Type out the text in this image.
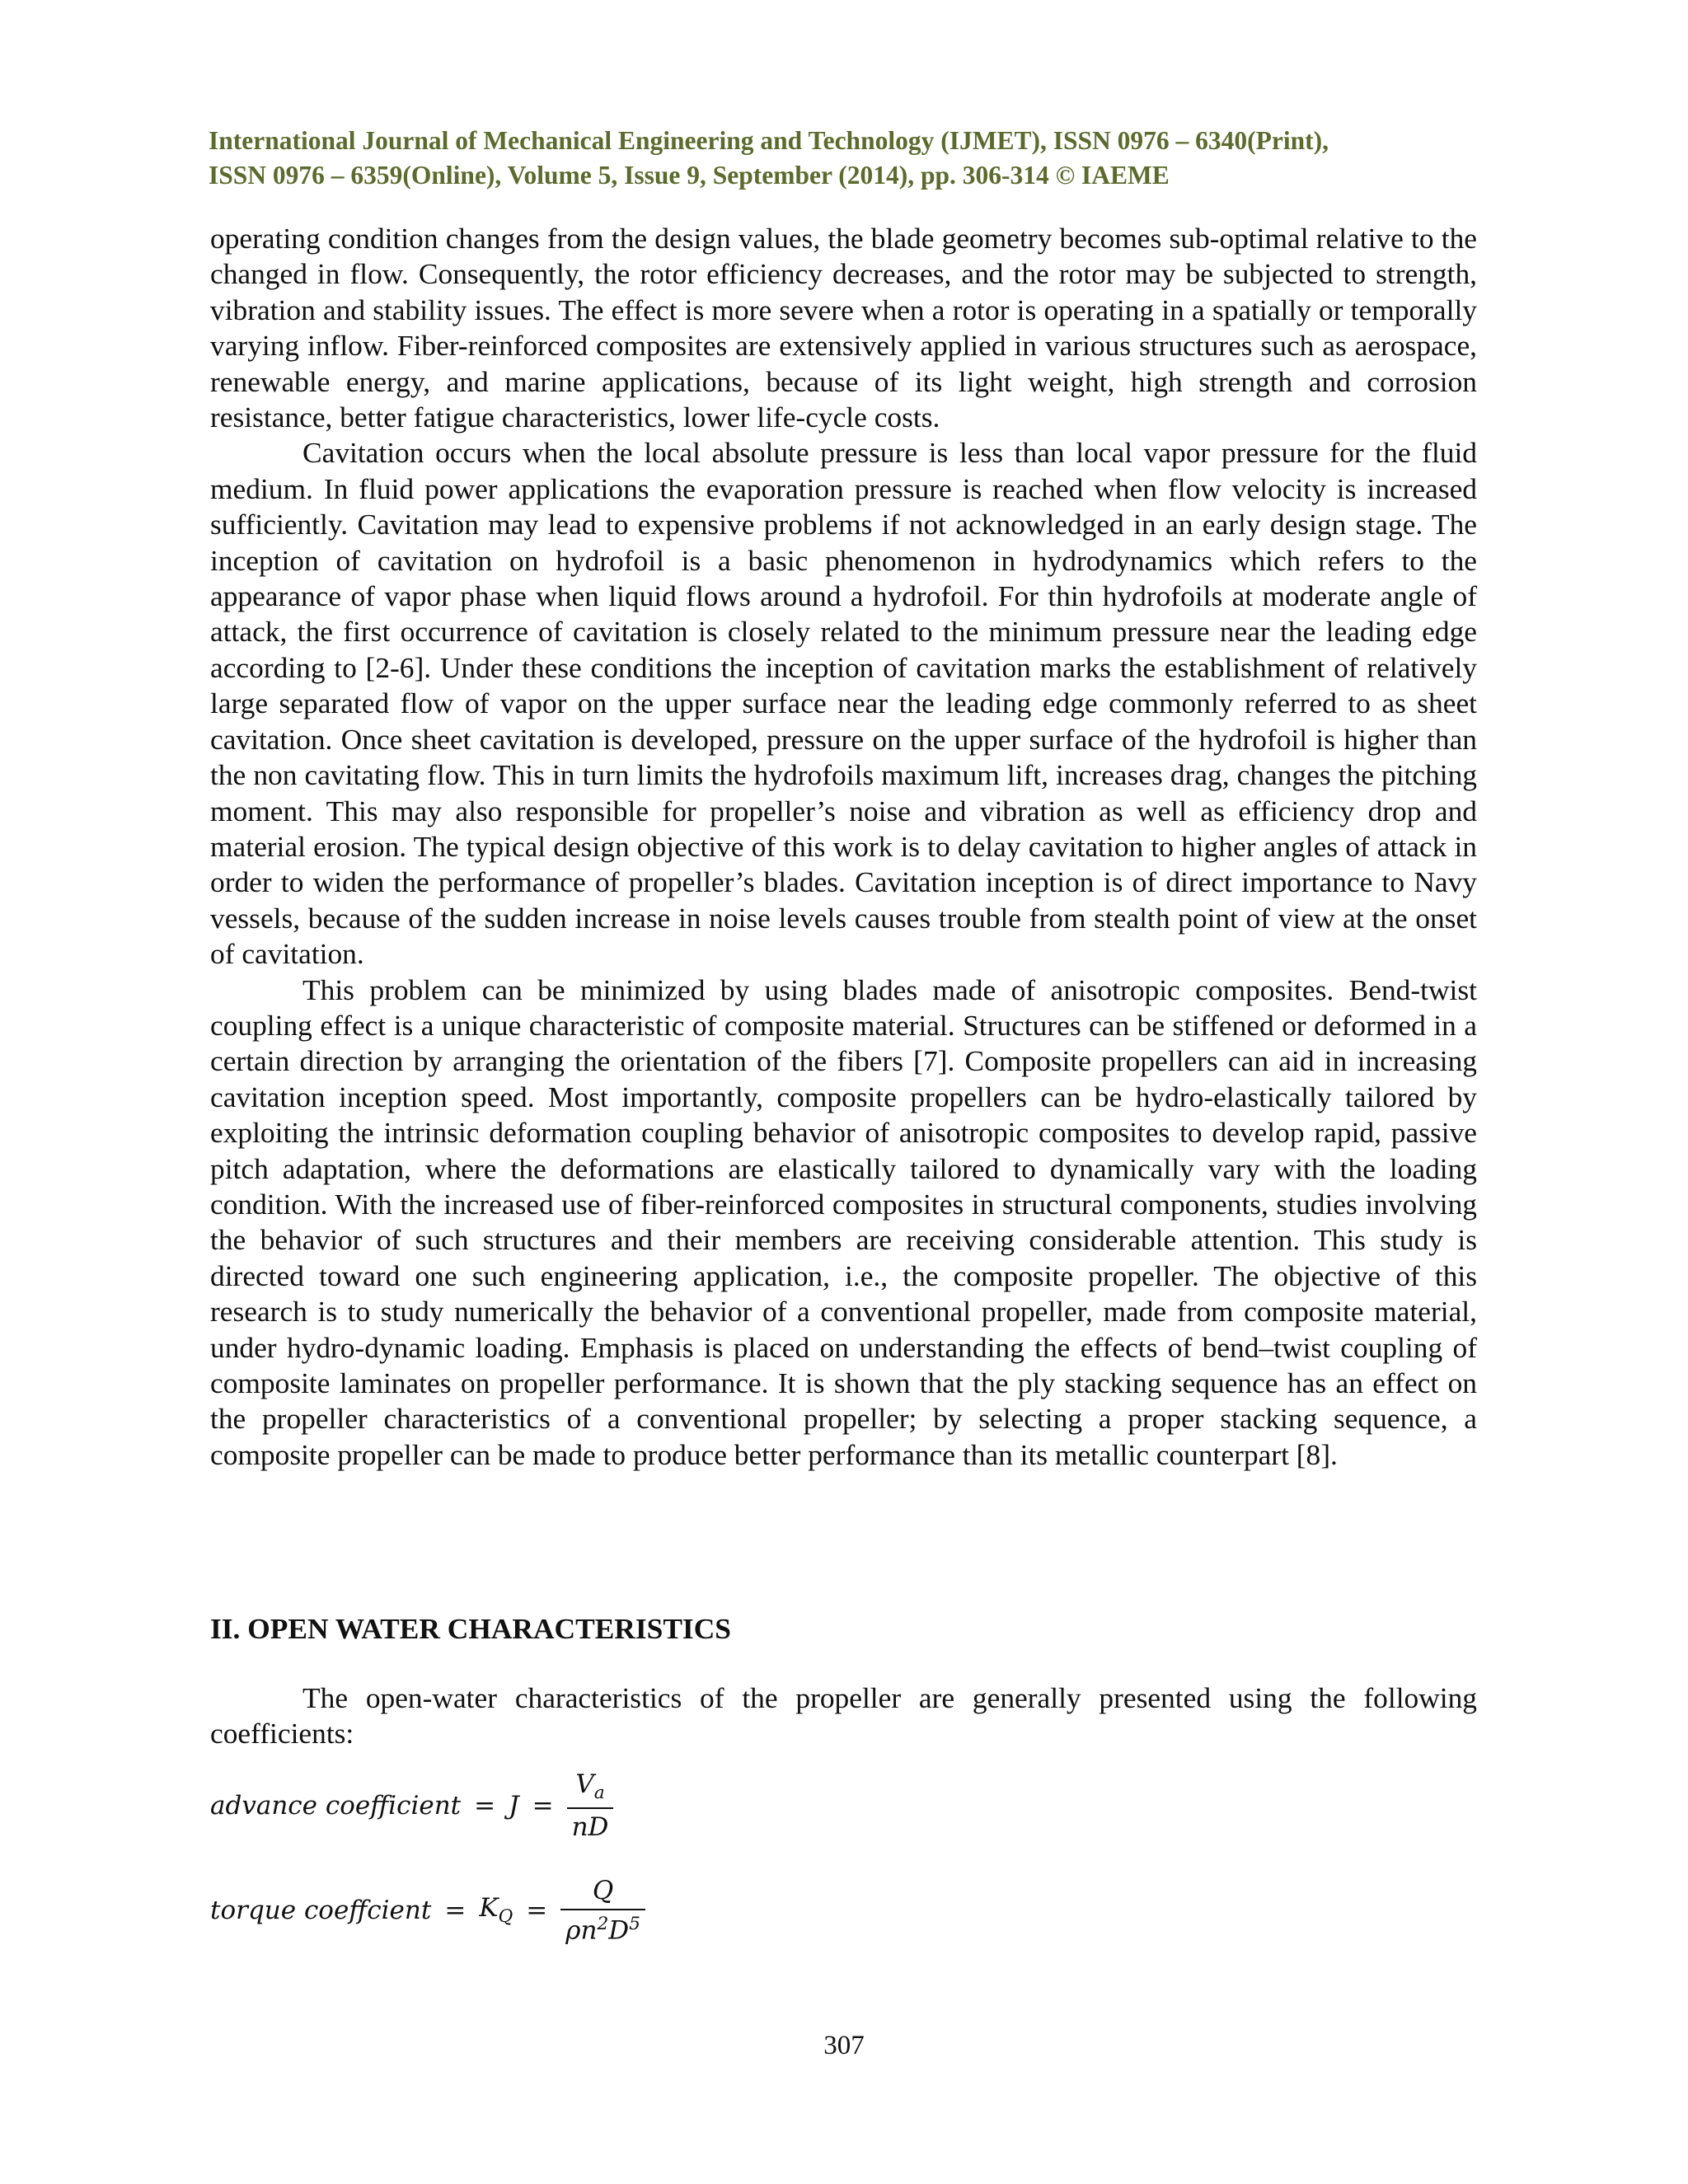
International Journal of Mechanical Engineering and Technology (IJMET), ISSN 0976 – 6340(Print),
ISSN 0976 – 6359(Online), Volume 5, Issue 9, September (2014), pp. 306-314 © IAEME

operating condition changes from the design values, the blade geometry becomes sub-optimal relative to the changed in flow. Consequently, the rotor efficiency decreases, and the rotor may be subjected to strength, vibration and stability issues. The effect is more severe when a rotor is operating in a spatially or temporally varying inflow. Fiber-reinforced composites are extensively applied in various structures such as aerospace, renewable energy, and marine applications, because of its light weight, high strength and corrosion resistance, better fatigue characteristics, lower life-cycle costs.

Cavitation occurs when the local absolute pressure is less than local vapor pressure for the fluid medium. In fluid power applications the evaporation pressure is reached when flow velocity is increased sufficiently. Cavitation may lead to expensive problems if not acknowledged in an early design stage. The inception of cavitation on hydrofoil is a basic phenomenon in hydrodynamics which refers to the appearance of vapor phase when liquid flows around a hydrofoil. For thin hydrofoils at moderate angle of attack, the first occurrence of cavitation is closely related to the minimum pressure near the leading edge according to [2-6]. Under these conditions the inception of cavitation marks the establishment of relatively large separated flow of vapor on the upper surface near the leading edge commonly referred to as sheet cavitation. Once sheet cavitation is developed, pressure on the upper surface of the hydrofoil is higher than the non cavitating flow. This in turn limits the hydrofoils maximum lift, increases drag, changes the pitching moment. This may also responsible for propeller’s noise and vibration as well as efficiency drop and material erosion. The typical design objective of this work is to delay cavitation to higher angles of attack in order to widen the performance of propeller’s blades. Cavitation inception is of direct importance to Navy vessels, because of the sudden increase in noise levels causes trouble from stealth point of view at the onset of cavitation.

This problem can be minimized by using blades made of anisotropic composites. Bend-twist coupling effect is a unique characteristic of composite material. Structures can be stiffened or deformed in a certain direction by arranging the orientation of the fibers [7]. Composite propellers can aid in increasing cavitation inception speed. Most importantly, composite propellers can be hydro-elastically tailored by exploiting the intrinsic deformation coupling behavior of anisotropic composites to develop rapid, passive pitch adaptation, where the deformations are elastically tailored to dynamically vary with the loading condition. With the increased use of fiber-reinforced composites in structural components, studies involving the behavior of such structures and their members are receiving considerable attention. This study is directed toward one such engineering application, i.e., the composite propeller. The objective of this research is to study numerically the behavior of a conventional propeller, made from composite material, under hydro-dynamic loading. Emphasis is placed on understanding the effects of bend–twist coupling of composite laminates on propeller performance. It is shown that the ply stacking sequence has an effect on the propeller characteristics of a conventional propeller; by selecting a proper stacking sequence, a composite propeller can be made to produce better performance than its metallic counterpart [8].

II. OPEN WATER CHARACTERISTICS

The open-water characteristics of the propeller are generally presented using the following coefficients:

advance coefficient = $J = \frac{V_a}{nD}$
torque coeffcient = $K_Q = \frac{Q}{\rho n^2D^5}$
307
